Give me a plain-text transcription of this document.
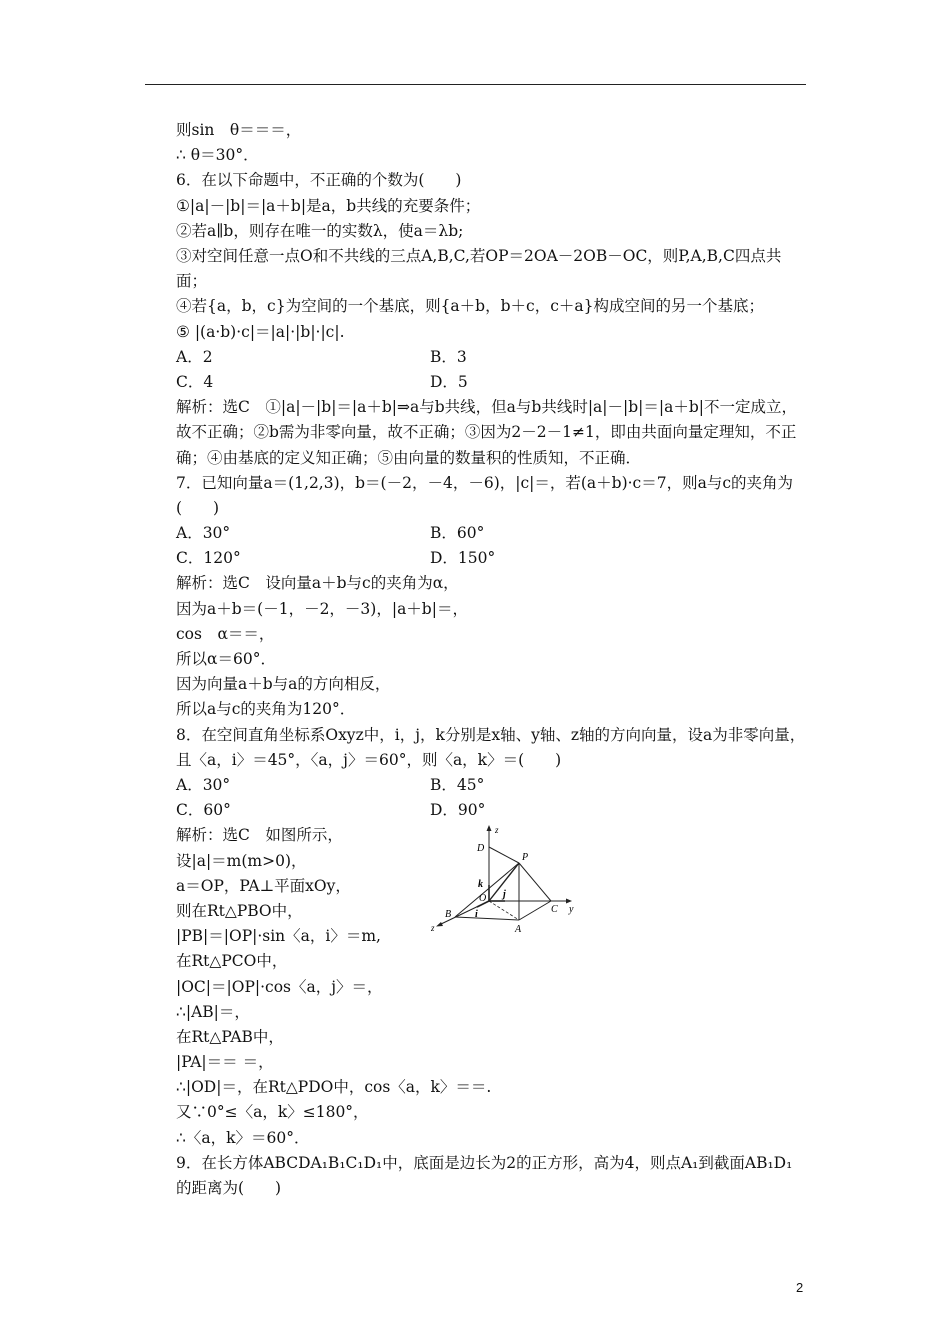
则sin　θ＝＝＝，
∴ θ＝30°．
6．在以下命题中，不正确的个数为(　　)
①|a|－|b|＝|a＋b|是a，b共线的充要条件；
②若a∥b，则存在唯一的实数λ，使a＝λb;
③对空间任意一点O和不共线的三点A,B,C,若OP＝2OA－2OB－OC，则P,A,B,C四点共面；
④若{a，b，c}为空间的一个基底，则{a＋b，b＋c，c＋a}构成空间的另一个基底；
⑤ |(a·b)·c|＝|a|·|b|·|c|.
A．2	B．3
C．4	D．5
解析：选C　①|a|－|b|＝|a＋b|⇒a与b共线，但a与b共线时|a|－|b|＝|a＋b|不一定成立，故不正确；②b需为非零向量，故不正确；③因为2－2－1≠1，即由共面向量定理知，不正确；④由基底的定义知正确；⑤由向量的数量积的性质知，不正确．
7．已知向量a＝(1,2,3)，b＝(－2，－4，－6)，|c|＝，若(a＋b)·c＝7，则a与c的夹角为(　　)
A．30°	B．60°
C．120°	D．150°
解析：选C　设向量a＋b与c的夹角为α，
因为a＋b＝(－1，－2，－3)，|a＋b|＝，
cos　α＝＝，
所以α＝60°．
因为向量a＋b与a的方向相反，
所以a与c的夹角为120°．
8．在空间直角坐标系Oxyz中，i，j，k分别是x轴、y轴、z轴的方向向量，设a为非零向量，且〈a，i〉＝45°，〈a，j〉＝60°，则〈a，k〉＝(　　)
A．30°	B．45°
C．60°	D．90°
解析：选C　如图所示，
设|a|＝m(m>0)，
a＝OP，PA⊥平面xOy，
则在Rt△PBO中，
|PB|＝|OP|·sin〈a，i〉＝m,
在Rt△PCO中，
|OC|＝|OP|·cos〈a，j〉＝，
∴|AB|＝，
在Rt△PAB中，
|PA|＝＝ ＝，
∴|OD|＝，在Rt△PDO中，cos〈a，k〉＝＝.
又∵0°≤〈a，k〉≤180°，
∴〈a，k〉＝60°．
z
D
P
k
O j
i
B	C y
z	A
9．在长方体ABCDA₁B₁C₁D₁中，底面是边长为2的正方形，高为4，则点A₁到截面AB₁D₁的距离为(　　)
2
